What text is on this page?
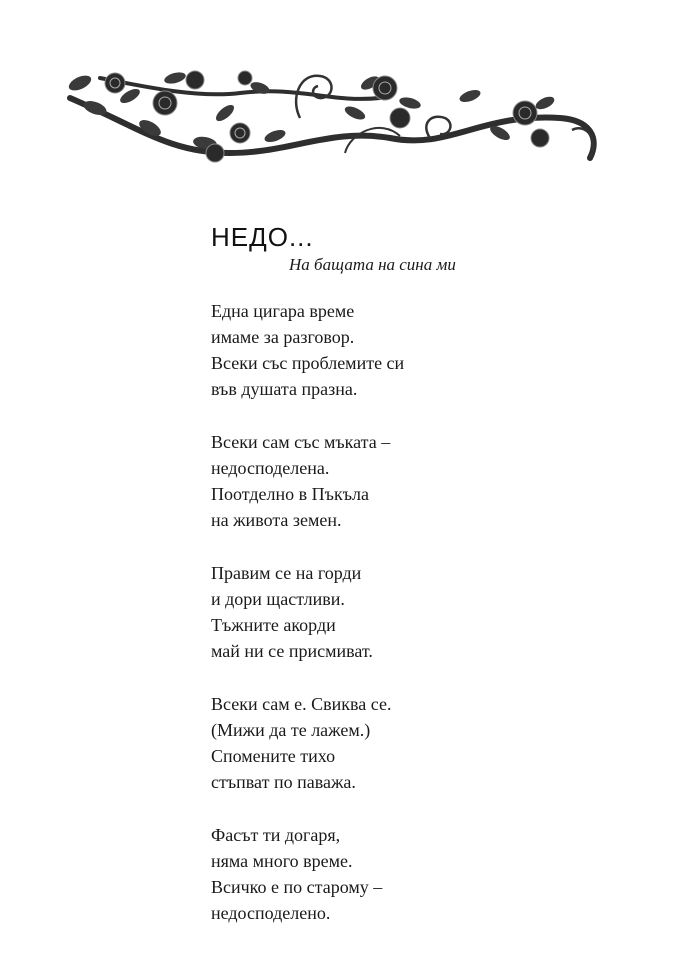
НЕДО...
На бащата на сина ми
Една цигара време
имаме за разговор.
Всеки със проблемите си
във душата празна.
Всеки сам със мъката –
недосподелена.
Поотделно в Пъкъла
на живота земен.
Правим се на горди
и дори щастливи.
Тъжните акорди
май ни се присмиват.
Всеки сам е. Свиква се.
(Мижи да те лажем.)
Спомените тихо
стъпват по паважа.
Фасът ти догаря,
няма много време.
Всичко е по старому –
недосподелено.
